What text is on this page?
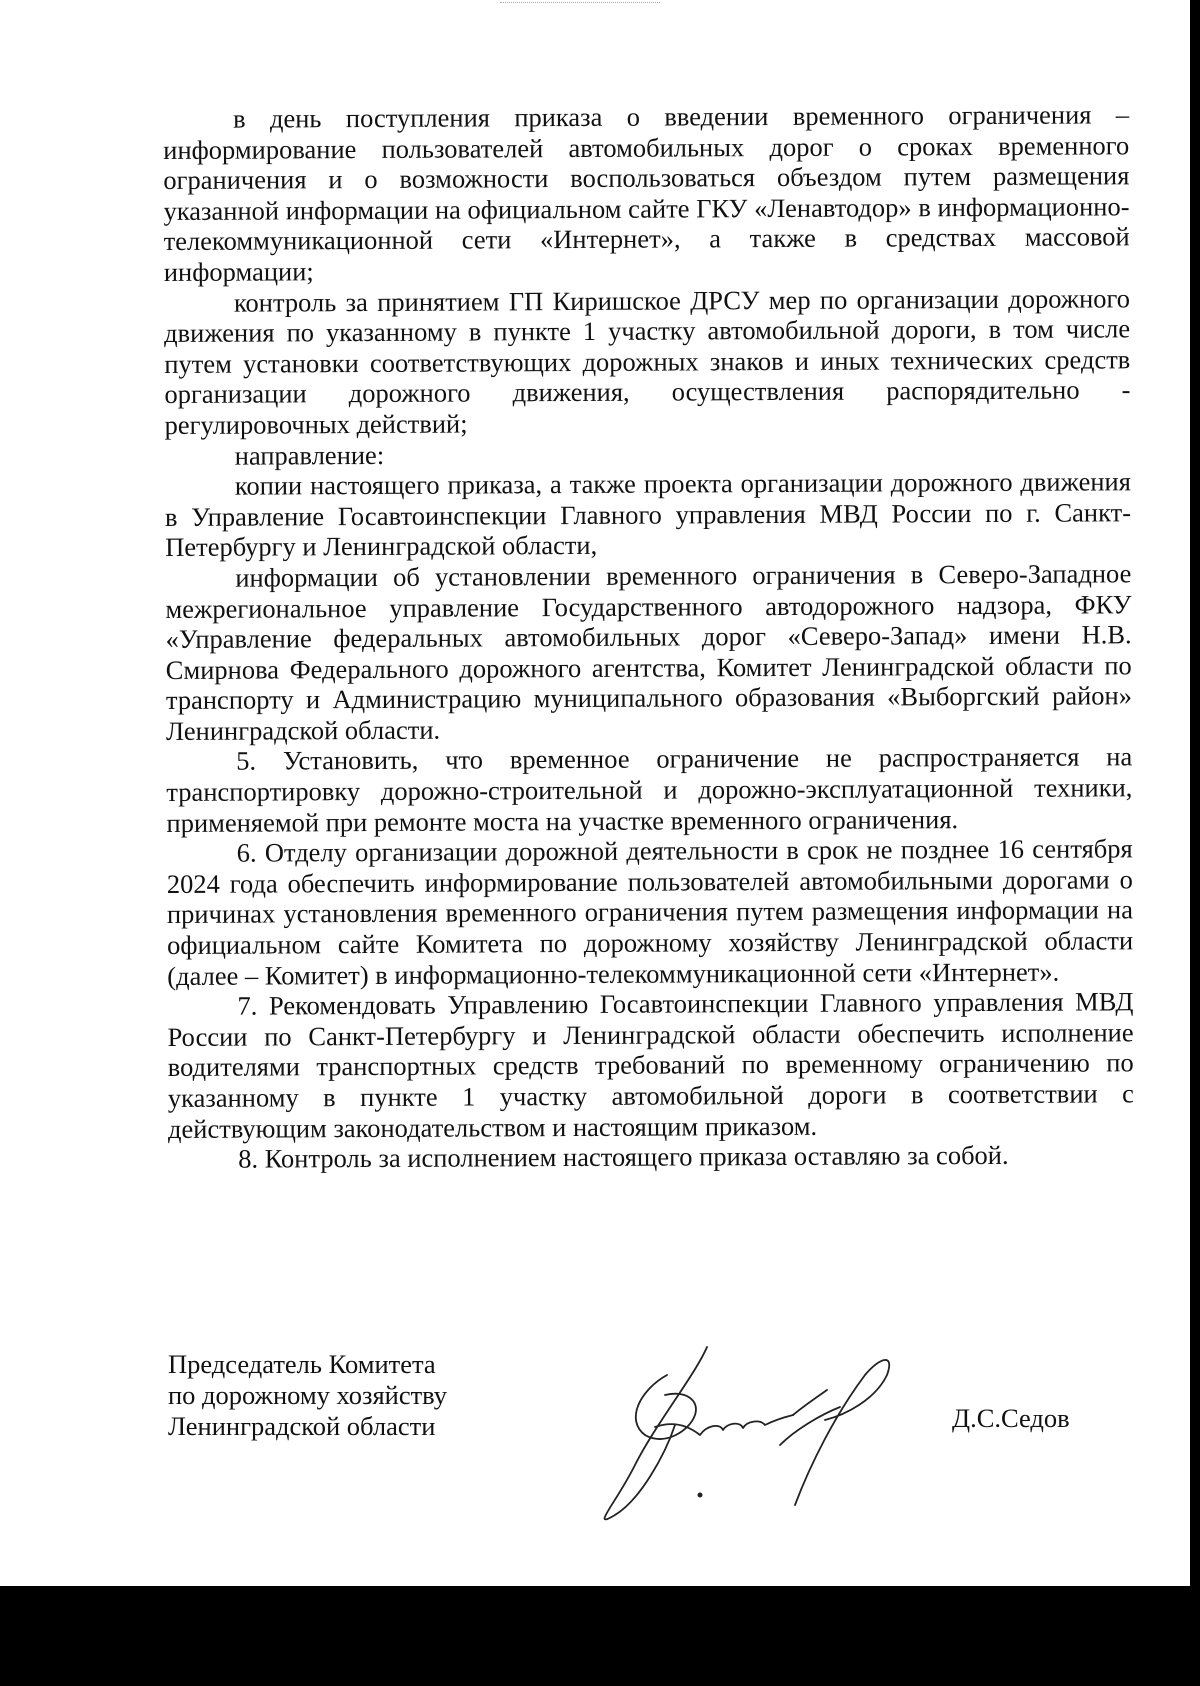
в день поступления приказа о введении временного ограничения – информирование пользователей автомобильных дорог о сроках временного ограничения и о возможности воспользоваться объездом путем размещения указанной информации на официальном сайте ГКУ «Ленавтодор» в информационно-телекоммуникационной сети «Интернет», а также в средствах массовой информации;

контроль за принятием ГП Киришское ДРСУ мер по организации дорожного движения по указанному в пункте 1 участку автомобильной дороги, в том числе путем установки соответствующих дорожных знаков и иных технических средств организации дорожного движения, осуществления распорядительно - регулировочных действий;

направление:

копии настоящего приказа, а также проекта организации дорожного движения в Управление Госавтоинспекции Главного управления МВД России по г. Санкт-Петербургу и Ленинградской области,

информации об установлении временного ограничения в Северо-Западное межрегиональное управление Государственного автодорожного надзора, ФКУ «Управление федеральных автомобильных дорог «Северо-Запад» имени Н.В. Смирнова Федерального дорожного агентства, Комитет Ленинградской области по транспорту и Администрацию муниципального образования «Выборгский район» Ленинградской области.

5. Установить, что временное ограничение не распространяется на транспортировку дорожно-строительной и дорожно-эксплуатационной техники, применяемой при ремонте моста на участке временного ограничения.

6. Отделу организации дорожной деятельности в срок не позднее 16 сентября 2024 года обеспечить информирование пользователей автомобильными дорогами о причинах установления временного ограничения путем размещения информации на официальном сайте Комитета по дорожному хозяйству Ленинградской области (далее – Комитет) в информационно-телекоммуникационной сети «Интернет».

7. Рекомендовать Управлению Госавтоинспекции Главного управления МВД России по Санкт-Петербургу и Ленинградской области обеспечить исполнение водителями транспортных средств требований по временному ограничению по указанному в пункте 1 участку автомобильной дороги в соответствии с действующим законодательством и настоящим приказом.

8. Контроль за исполнением настоящего приказа оставляю за собой.

Председатель Комитета
по дорожному хозяйству
Ленинградской области	Д.С.Седов
